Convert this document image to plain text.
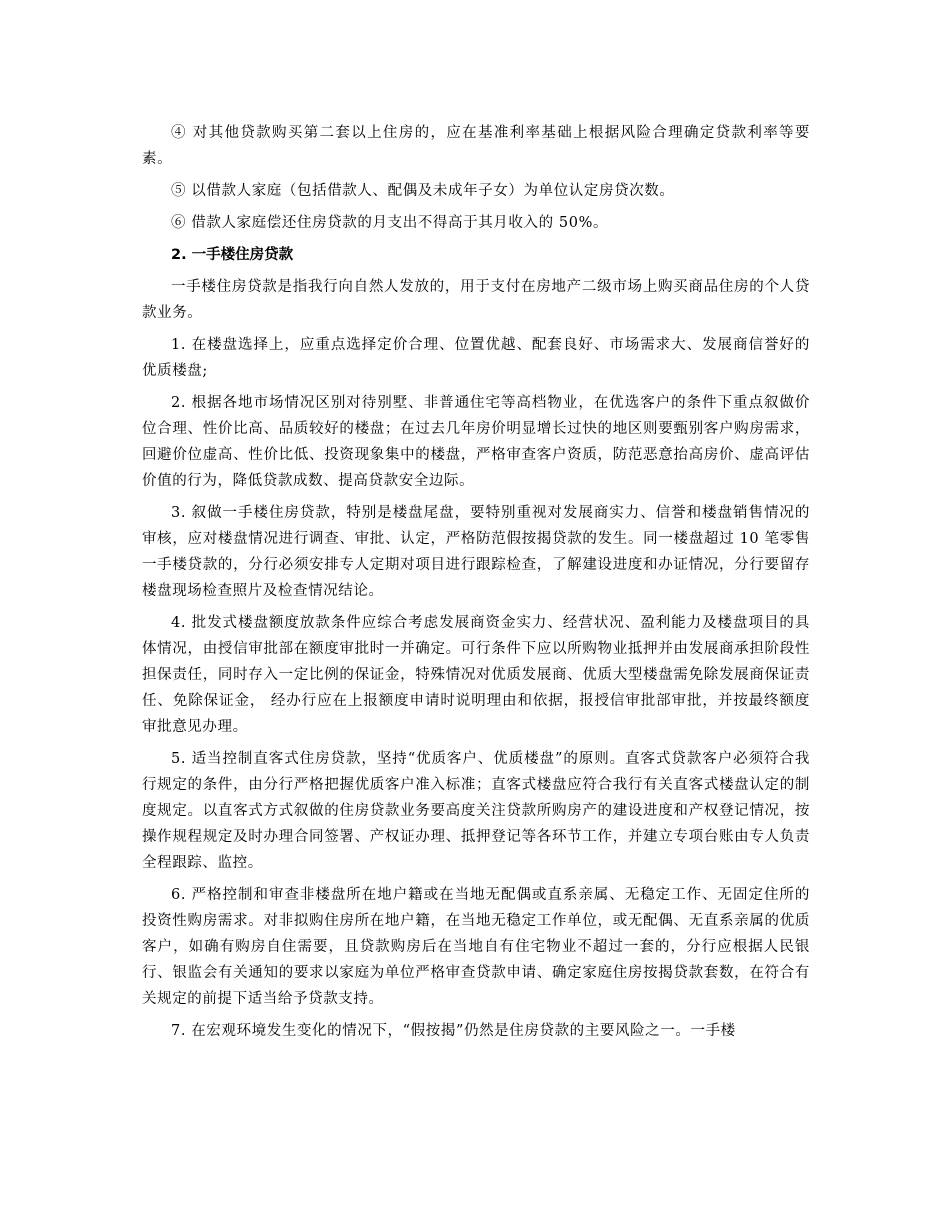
④ 对其他贷款购买第二套以上住房的，应在基准利率基础上根据风险合理确定贷款利率等要素。

⑤ 以借款人家庭（包括借款人、配偶及未成年子女）为单位认定房贷次数。

⑥ 借款人家庭偿还住房贷款的月支出不得高于其月收入的 50%。

2. 一手楼住房贷款

一手楼住房贷款是指我行向自然人发放的，用于支付在房地产二级市场上购买商品住房的个人贷款业务。

1. 在楼盘选择上，应重点选择定价合理、位置优越、配套良好、市场需求大、发展商信誉好的优质楼盘;

2. 根据各地市场情况区别对待别墅、非普通住宅等高档物业，在优选客户的条件下重点叙做价位合理、性价比高、品质较好的楼盘；在过去几年房价明显增长过快的地区则要甄别客户购房需求，回避价位虚高、性价比低、投资现象集中的楼盘，严格审查客户资质，防范恶意抬高房价、虚高评估价值的行为，降低贷款成数、提高贷款安全边际。

3. 叙做一手楼住房贷款，特别是楼盘尾盘，要特别重视对发展商实力、信誉和楼盘销售情况的审核，应对楼盘情况进行调查、审批、认定，严格防范假按揭贷款的发生。同一楼盘超过 10 笔零售一手楼贷款的，分行必须安排专人定期对项目进行跟踪检查，了解建设进度和办证情况，分行要留存楼盘现场检查照片及检查情况结论。

4. 批发式楼盘额度放款条件应综合考虑发展商资金实力、经营状况、盈利能力及楼盘项目的具体情况，由授信审批部在额度审批时一并确定。可行条件下应以所购物业抵押并由发展商承担阶段性担保责任，同时存入一定比例的保证金，特殊情况对优质发展商、优质大型楼盘需免除发展商保证责任、免除保证金， 经办行应在上报额度申请时说明理由和依据，报授信审批部审批，并按最终额度审批意见办理。

5. 适当控制直客式住房贷款，坚持“优质客户、优质楼盘”的原则。直客式贷款客户必须符合我行规定的条件，由分行严格把握优质客户准入标准；直客式楼盘应符合我行有关直客式楼盘认定的制度规定。以直客式方式叙做的住房贷款业务要高度关注贷款所购房产的建设进度和产权登记情况，按操作规程规定及时办理合同签署、产权证办理、抵押登记等各环节工作，并建立专项台账由专人负责全程跟踪、监控。

6. 严格控制和审查非楼盘所在地户籍或在当地无配偶或直系亲属、无稳定工作、无固定住所的投资性购房需求。对非拟购住房所在地户籍，在当地无稳定工作单位，或无配偶、无直系亲属的优质客户，如确有购房自住需要，且贷款购房后在当地自有住宅物业不超过一套的，分行应根据人民银行、银监会有关通知的要求以家庭为单位严格审查贷款申请、确定家庭住房按揭贷款套数，在符合有关规定的前提下适当给予贷款支持。

7. 在宏观环境发生变化的情况下，“假按揭”仍然是住房贷款的主要风险之一。一手楼
